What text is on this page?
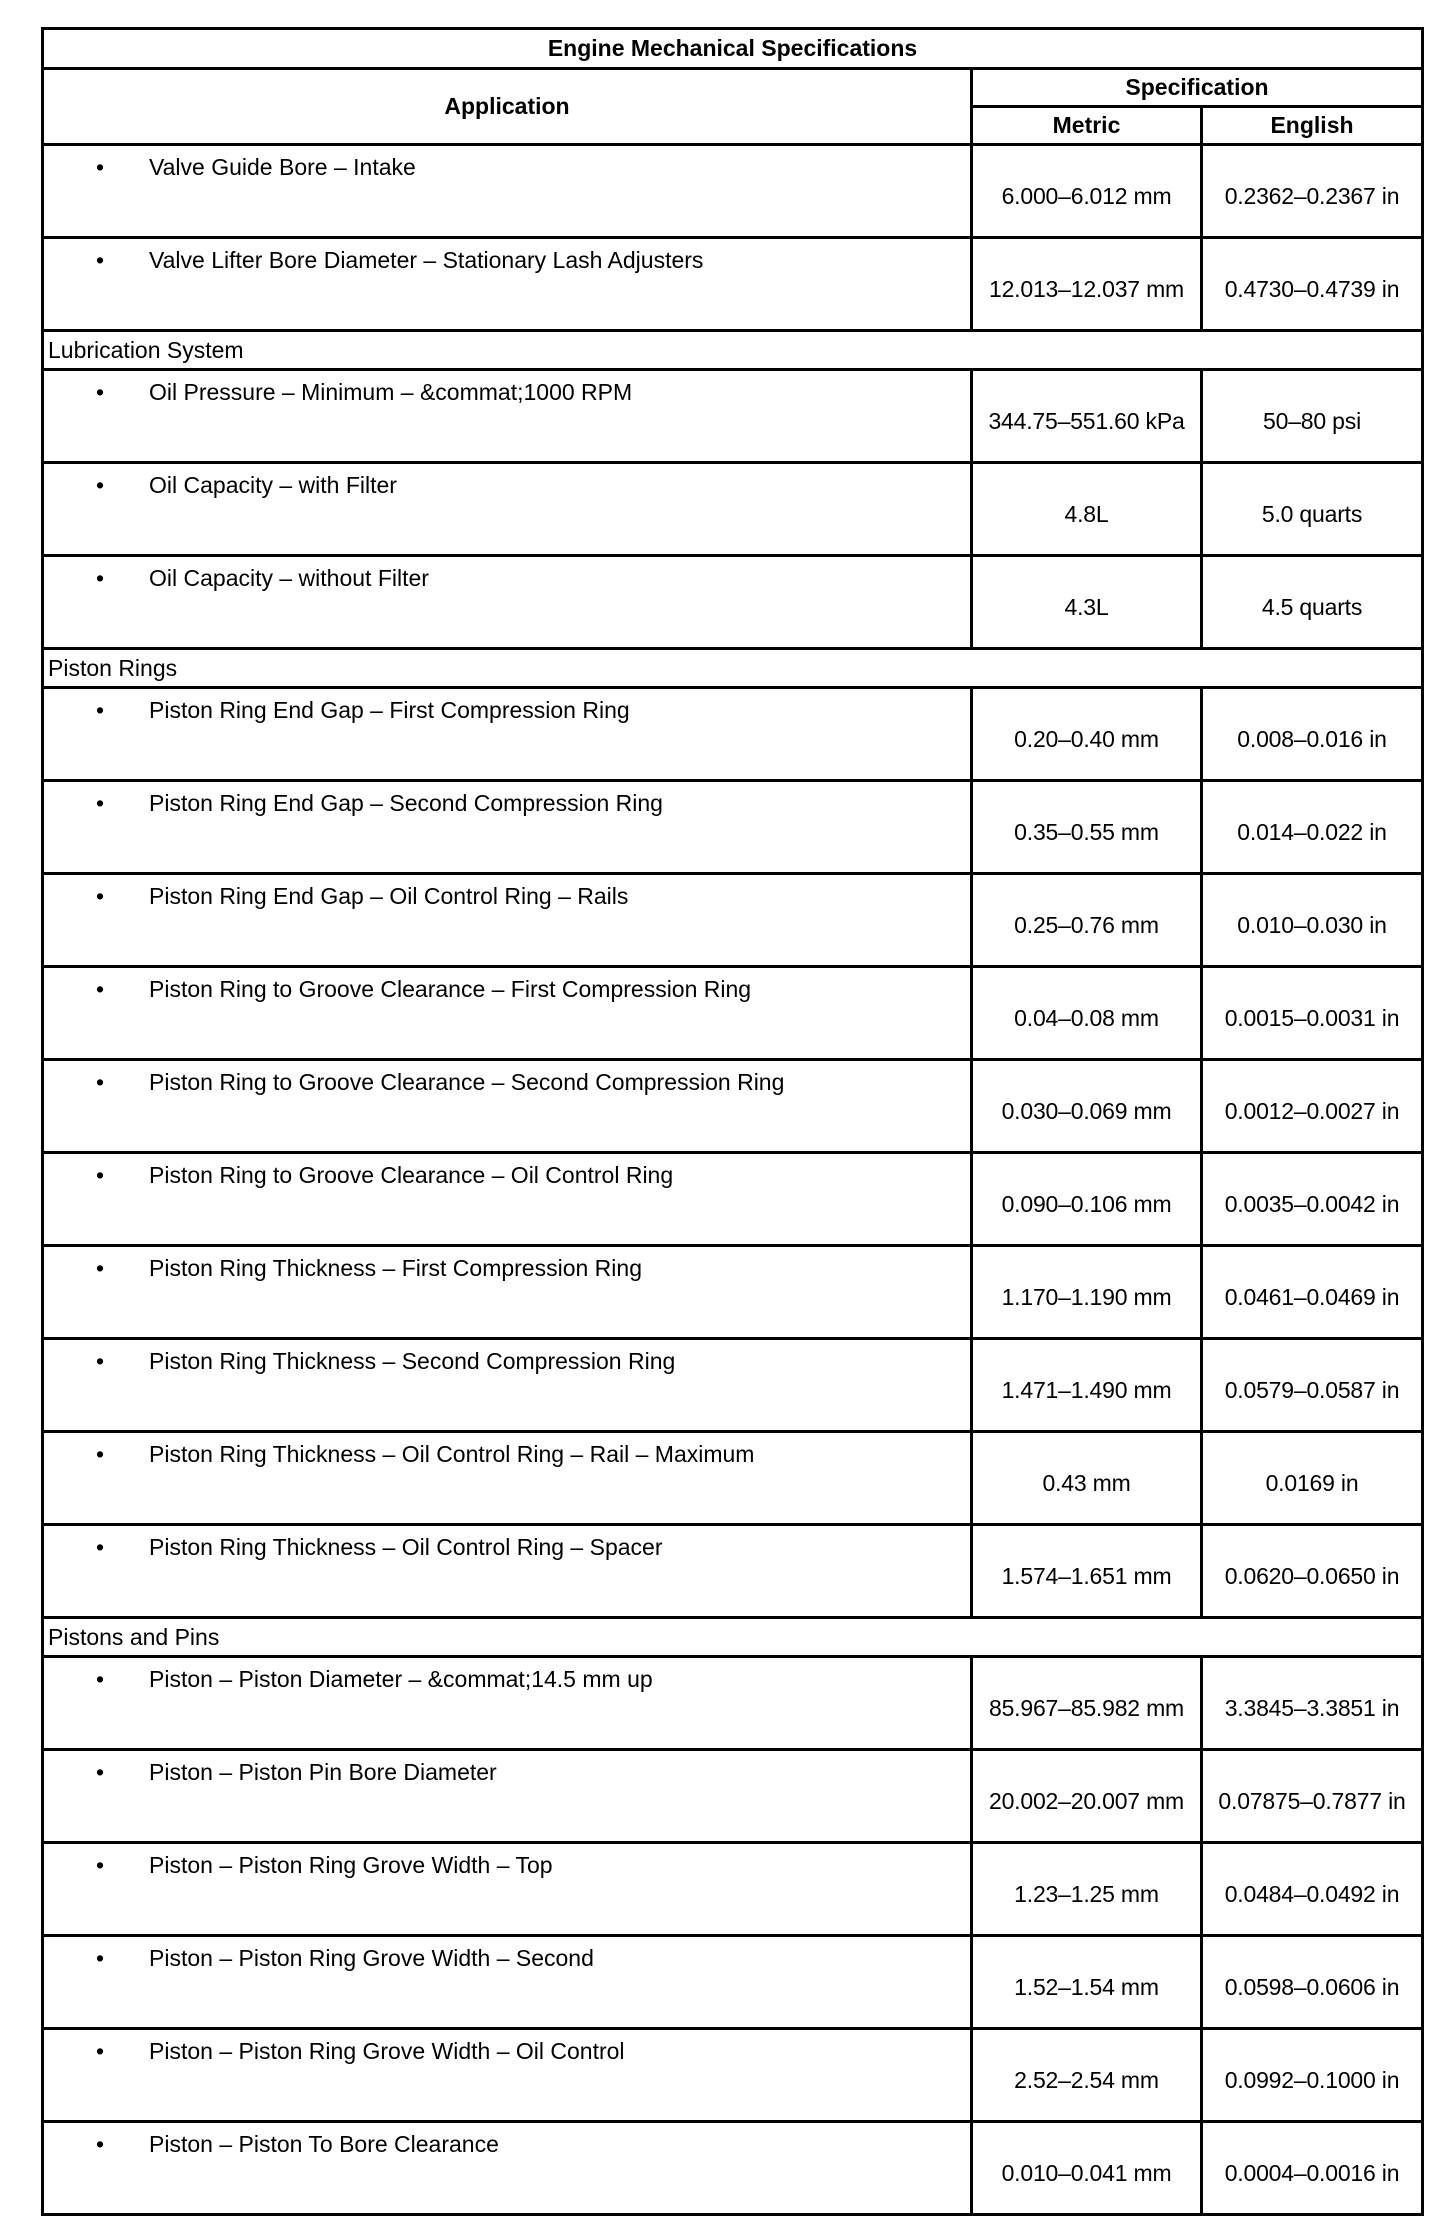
Engine Mechanical Specifications		
Application	Specification	
	Metric	English

• Valve Guide Bore – Intake	6.000–6.012 mm	0.2362–0.2367 in

• Valve Lifter Bore Diameter – Stationary Lash Adjusters	12.013–12.037 mm	0.4730–0.4739 in
Lubrication System		

• Oil Pressure – Minimum – &commat;1000 RPM	344.75–551.60 kPa	50–80 psi

• Oil Capacity – with Filter	4.8L	5.0 quarts

• Oil Capacity – without Filter	4.3L	4.5 quarts
Piston Rings		

• Piston Ring End Gap – First Compression Ring	0.20–0.40 mm	0.008–0.016 in

• Piston Ring End Gap – Second Compression Ring	0.35–0.55 mm	0.014–0.022 in

• Piston Ring End Gap – Oil Control Ring – Rails	0.25–0.76 mm	0.010–0.030 in

• Piston Ring to Groove Clearance – First Compression Ring	0.04–0.08 mm	0.0015–0.0031 in

• Piston Ring to Groove Clearance – Second Compression Ring	0.030–0.069 mm	0.0012–0.0027 in

• Piston Ring to Groove Clearance – Oil Control Ring	0.090–0.106 mm	0.0035–0.0042 in

• Piston Ring Thickness – First Compression Ring	1.170–1.190 mm	0.0461–0.0469 in

• Piston Ring Thickness – Second Compression Ring	1.471–1.490 mm	0.0579–0.0587 in

• Piston Ring Thickness – Oil Control Ring – Rail – Maximum	0.43 mm	0.0169 in

• Piston Ring Thickness – Oil Control Ring – Spacer	1.574–1.651 mm	0.0620–0.0650 in
Pistons and Pins		

• Piston – Piston Diameter – &commat;14.5 mm up	85.967–85.982 mm	3.3845–3.3851 in

• Piston – Piston Pin Bore Diameter	20.002–20.007 mm	0.07875–0.7877 in

• Piston – Piston Ring Grove Width – Top	1.23–1.25 mm	0.0484–0.0492 in

• Piston – Piston Ring Grove Width – Second	1.52–1.54 mm	0.0598–0.0606 in

• Piston – Piston Ring Grove Width – Oil Control	2.52–2.54 mm	0.0992–0.1000 in

• Piston – Piston To Bore Clearance	0.010–0.041 mm	0.0004–0.0016 in
